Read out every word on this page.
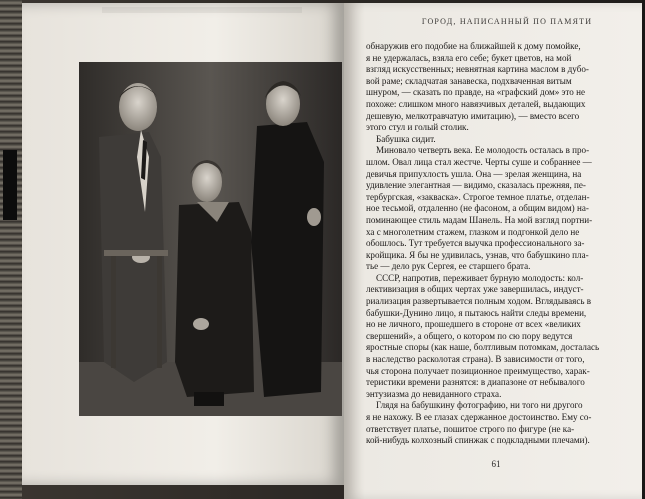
ГОРОД, НАПИСАННЫЙ ПО ПАМЯТИ
обнаружив его подобие на ближайшей к дому помойке,
я не удержалась, взяла его себе; букет цветов, на мой
взгляд искусственных; невнятная картина маслом в дубо-
вой раме; складчатая занавеска, подхваченная витым
шнуром, — сказать по правде, на «графский дом» это не
похоже: слишком много навязчивых деталей, выдающих
дешевую, мелкотравчатую имитацию), — вместо всего
этого стул и голый столик.
Бабушка сидит.
Миновало четверть века. Ее молодость осталась в про-
шлом. Овал лица стал жестче. Черты суше и собраннее —
девичья припухлость ушла. Она — зрелая женщина, на
удивление элегантная — видимо, сказалась прежняя, пе-
тербургская, «закваска». Строгое темное платье, отделан-
ное тесьмой, отдаленно (не фасоном, а общим видом) на-
поминающее стиль мадам Шанель. На мой взгляд портни-
ха с многолетним стажем, глазком и подгонкой дело не
обошлось. Тут требуется выучка профессионального за-
кройщика. Я бы не удивилась, узнав, что бабушкино пла-
тье — дело рук Сергея, ее старшего брата.
СССР, напротив, переживает бурную молодость: кол-
лективизация в общих чертах уже завершилась, индуст-
риализация развертывается полным ходом. Вглядываясь в
бабушки-Дунино лицо, я пытаюсь найти следы времени,
но не личного, прошедшего в стороне от всех «великих
свершений», а общего, о котором по сю пору ведутся
яростные споры (как наше, болтливым потомкам, досталась
в наследство расколотая страна). В зависимости от того,
чья сторона получает позиционное преимущество, харак-
теристики времени разнятся: в диапазоне от небывалого
энтузиазма до невиданного страха.
Глядя на бабушкину фотографию, ни того ни другого
я не нахожу. В ее глазах сдержанное достоинство. Ему со-
ответствует платье, пошитое строго по фигуре (не ка-
кой-нибудь колхозный спинжак с подкладными плечами).
61
